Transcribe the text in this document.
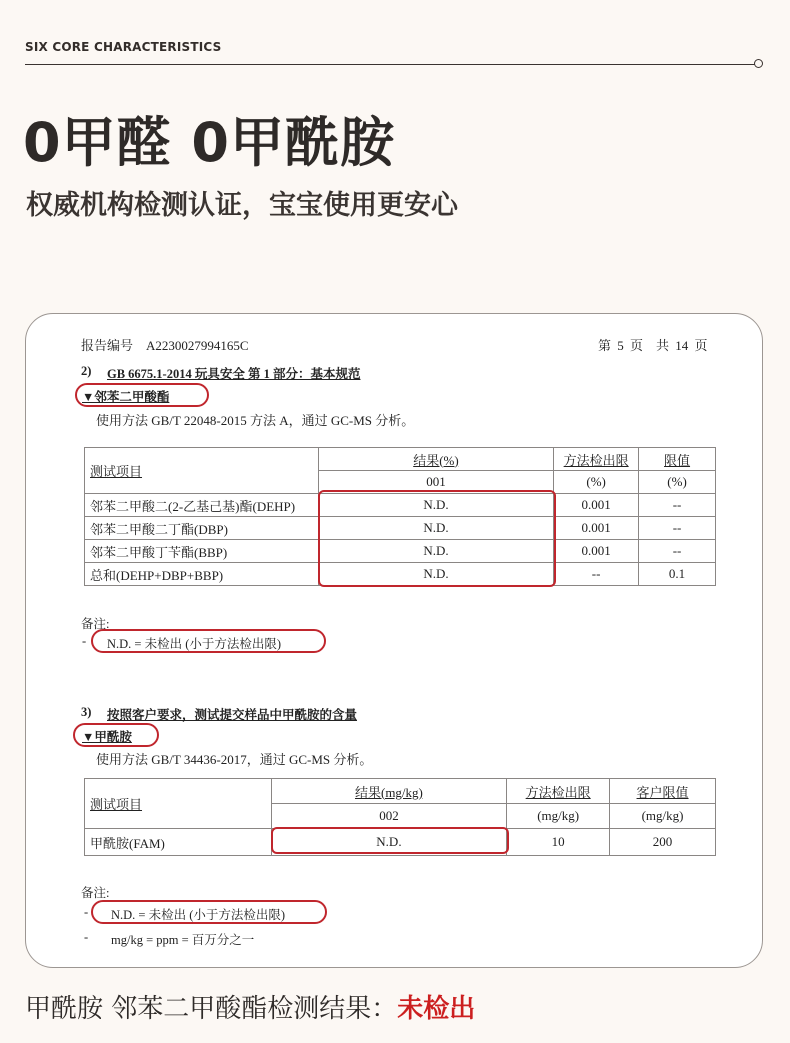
SIX CORE CHARACTERISTICS
0甲醛 0甲酰胺
权威机构检测认证，宝宝使用更安心
报告编号　A2230027994165C	第 5 页　共 14 页
2) GB 6675.1-2014 玩具安全 第 1 部分：基本规范
▼邻苯二甲酸酯
使用方法 GB/T 22048-2015 方法 A，通过 GC-MS 分析。
测试项目	结果(%)	方法检出限	限值
	001	(%)	(%)
邻苯二甲酸二(2-乙基己基)酯(DEHP)	N.D.	0.001	--
邻苯二甲酸二丁酯(DBP)	N.D.	0.001	--
邻苯二甲酸丁苄酯(BBP)	N.D.	0.001	--
总和(DEHP+DBP+BBP)	N.D.	--	0.1
备注:
- N.D. = 未检出 (小于方法检出限)
3) 按照客户要求，测试提交样品中甲酰胺的含量
▼甲酰胺
使用方法 GB/T 34436-2017，通过 GC-MS 分析。
测试项目	结果(mg/kg)	方法检出限	客户限值
	002	(mg/kg)	(mg/kg)
甲酰胺(FAM)	N.D.	10	200
备注:
- N.D. = 未检出 (小于方法检出限)
- mg/kg = ppm = 百万分之一
甲酰胺 邻苯二甲酸酯检测结果：未检出
